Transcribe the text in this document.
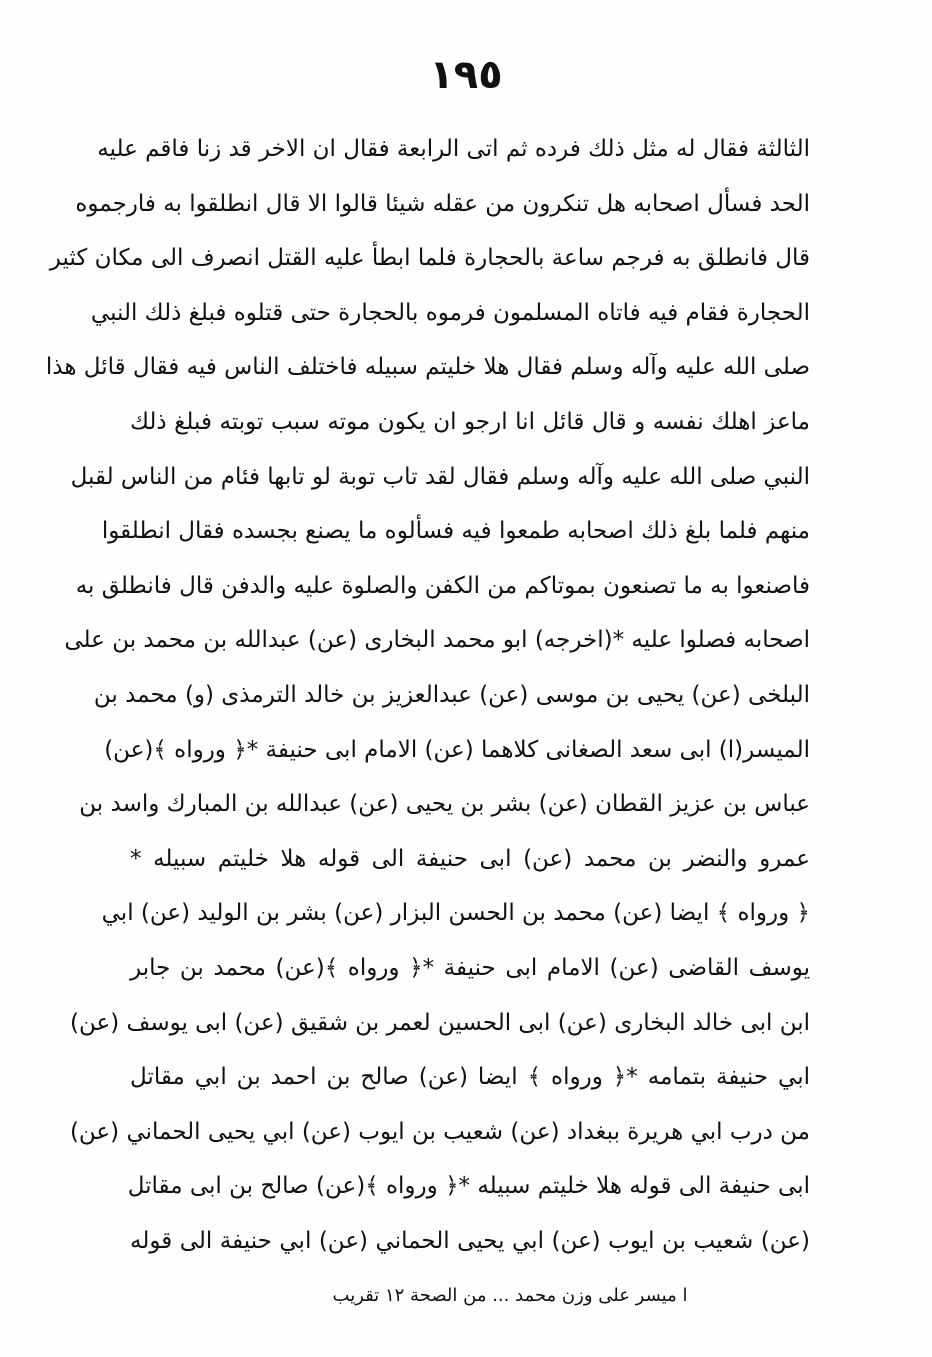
١٩٥
الثالثة فقال له مثل ذلك فرده ثم اتى الرابعة فقال ان الاخر قد زنا فاقم عليه
الحد فسأل اصحابه هل تنكرون من عقله شيئا قالوا الا قال انطلقوا به فارجموه
قال فانطلق به فرجم ساعة بالحجارة فلما ابطأ عليه القتل انصرف الى مكان كثير
الحجارة فقام فيه فاتاه المسلمون فرموه بالحجارة حتى قتلوه فبلغ ذلك النبي
صلى الله عليه وآله وسلم فقال هلا خليتم سبيله فاختلف الناس فيه فقال قائل هذا
ماعز اهلك نفسه و قال قائل انا ارجو ان يكون موته سبب توبته فبلغ ذلك
النبي صلى الله عليه وآله وسلم فقال لقد تاب توبة لو تابها فئام من الناس لقبل
منهم فلما بلغ ذلك اصحابه طمعوا فيه فسألوه ما يصنع بجسده فقال انطلقوا
فاصنعوا به ما تصنعون بموتاكم من الكفن والصلوة عليه والدفن قال فانطلق به
اصحابه فصلوا عليه *(اخرجه) ابو محمد البخارى (عن) عبدالله بن محمد بن على
البلخى (عن) يحيى بن موسى (عن) عبدالعزيز بن خالد الترمذى (و) محمد بن
الميسر(ا) ابى سعد الصغانى كلاهما (عن) الامام ابى حنيفة *﴿ ورواه ﴾(عن)
عباس بن عزيز القطان (عن) بشر بن يحيى (عن) عبدالله بن المبارك واسد بن
عمرو والنضر بن محمد (عن) ابى حنيفة الى قوله هلا خليتم سبيله *
﴿ ورواه ﴾ ايضا (عن) محمد بن الحسن البزار (عن) بشر بن الوليد (عن) ابي
يوسف القاضى (عن) الامام ابى حنيفة *﴿ ورواه ﴾(عن) محمد بن جابر
ابن ابى خالد البخارى (عن) ابى الحسين لعمر بن شقيق (عن) ابى يوسف (عن)
ابي حنيفة بتمامه *﴿ ورواه ﴾ ايضا (عن) صالح بن احمد بن ابي مقاتل
من درب ابي هريرة ببغداد (عن) شعيب بن ايوب (عن) ابي يحيى الحماني (عن)
ابى حنيفة الى قوله هلا خليتم سبيله *﴿ ورواه ﴾(عن) صالح بن ابى مقاتل
(عن) شعيب بن ايوب (عن) ابي يحيى الحماني (عن) ابي حنيفة الى قوله
ا ميسر على وزن محمد ... من الصحة ١٢ تقريب
